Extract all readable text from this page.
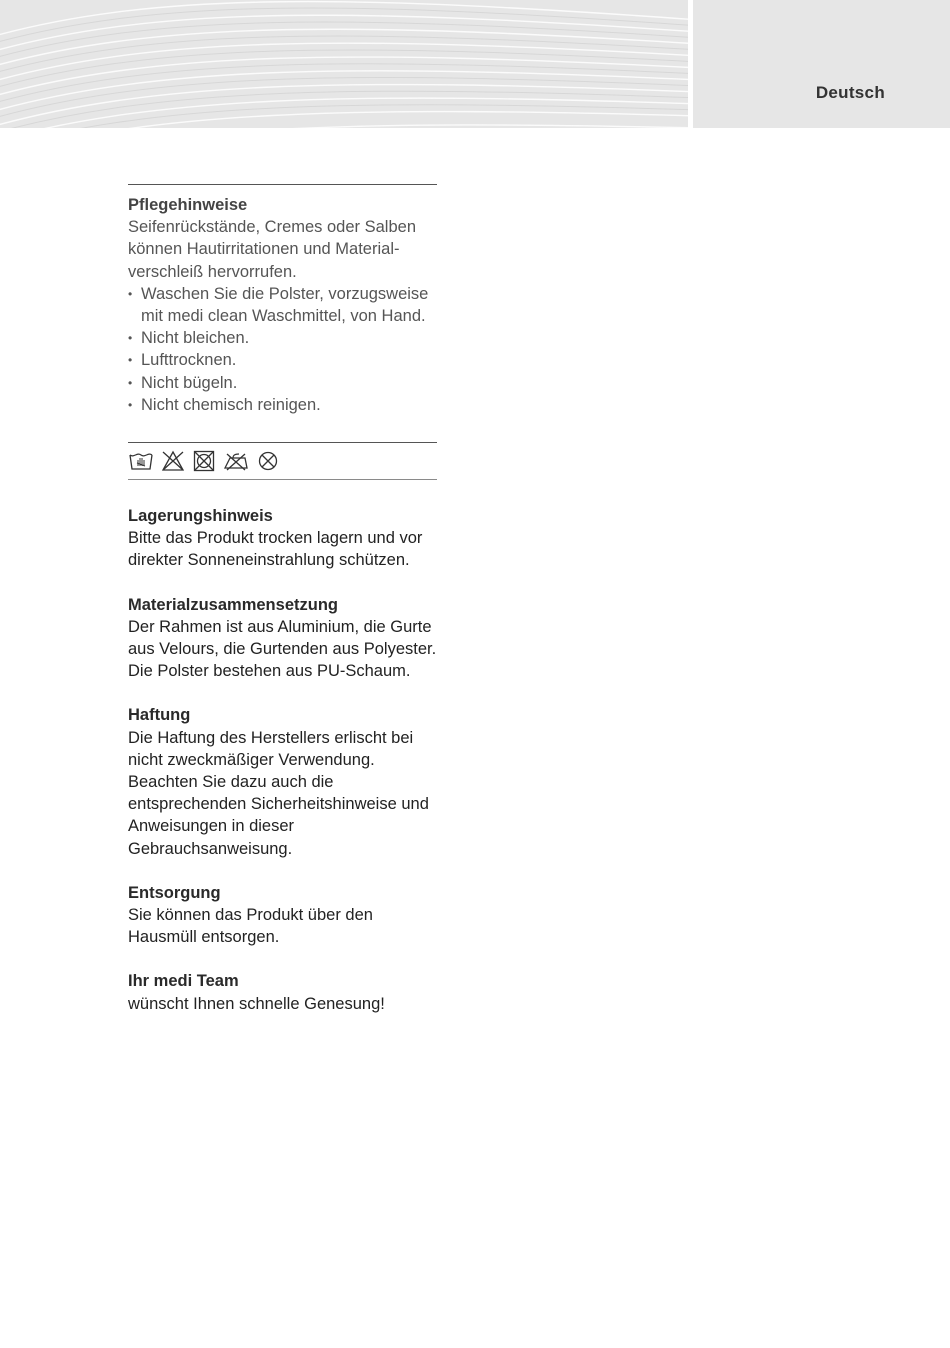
Deutsch
Pflegehinweise

Seifenrückstände, Cremes oder Salben können Hautirritationen und Materialverschleiß hervorrufen.

• Waschen Sie die Polster, vorzugsweise mit medi clean Waschmittel, von Hand.
• Nicht bleichen.
• Lufttrocknen.
• Nicht bügeln.
• Nicht chemisch reinigen.
Lagerungshinweis

Bitte das Produkt trocken lagern und vor direkter Sonneneinstrahlung schützen.

Materialzusammensetzung

Der Rahmen ist aus Aluminium, die Gurte aus Velours, die Gurtenden aus Polyester. Die Polster bestehen aus PU-Schaum.

Haftung

Die Haftung des Herstellers erlischt bei nicht zweckmäßiger Verwendung. Beachten Sie dazu auch die entsprechenden Sicherheitshinweise und Anweisungen in dieser Gebrauchsanweisung.

Entsorgung

Sie können das Produkt über den Hausmüll entsorgen.

Ihr medi Team

wünscht Ihnen schnelle Genesung!
